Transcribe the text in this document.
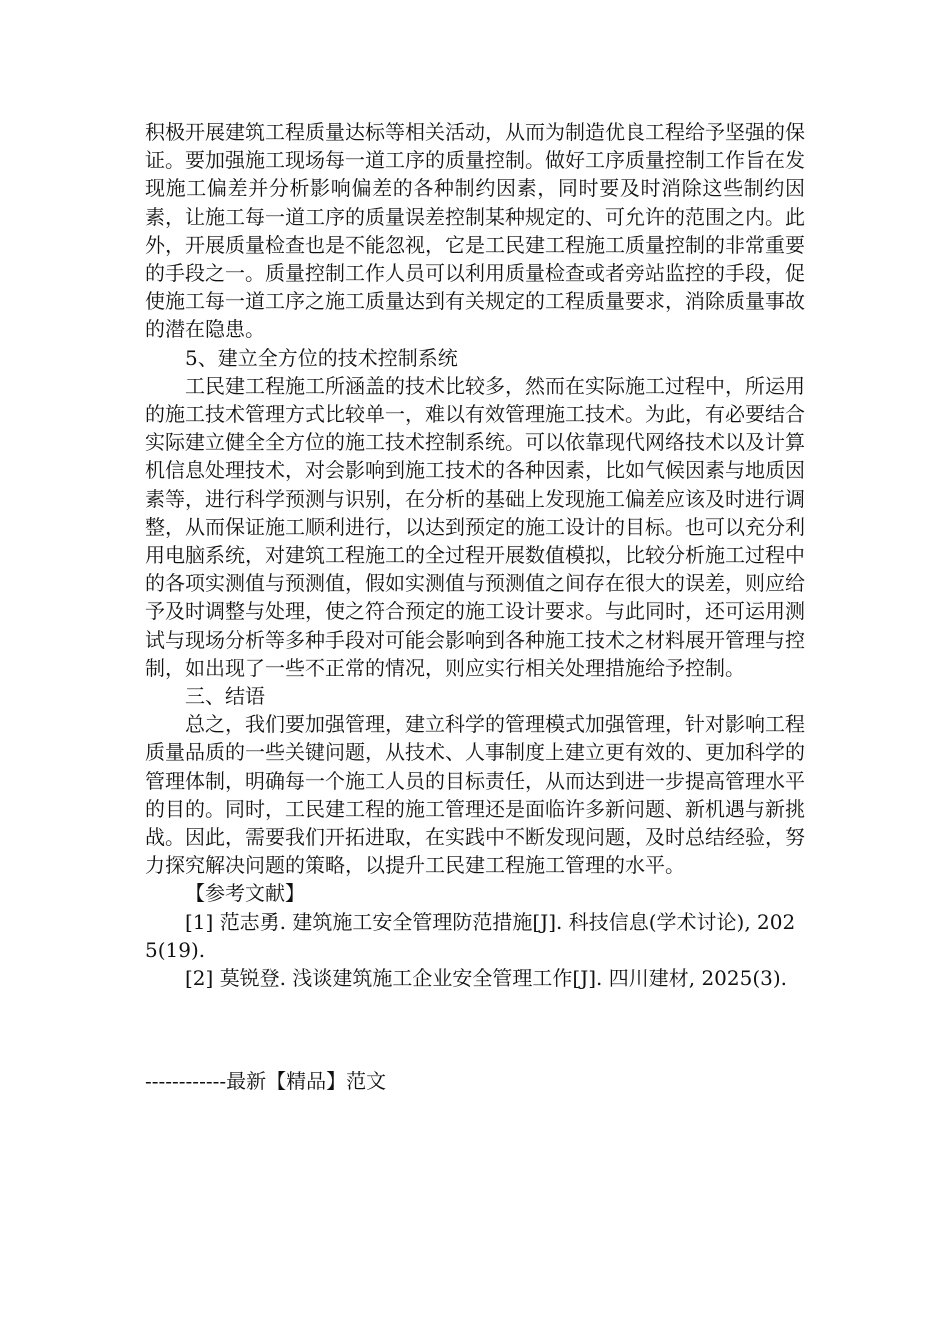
积极开展建筑工程质量达标等相关活动，从而为制造优良工程给予坚强的保证。要加强施工现场每一道工序的质量控制。做好工序质量控制工作旨在发现施工偏差并分析影响偏差的各种制约因素，同时要及时消除这些制约因素，让施工每一道工序的质量误差控制某种规定的、可允许的范围之内。此外，开展质量检查也是不能忽视，它是工民建工程施工质量控制的非常重要的手段之一。质量控制工作人员可以利用质量检查或者旁站监控的手段，促使施工每一道工序之施工质量达到有关规定的工程质量要求，消除质量事故的潜在隐患。

5、建立全方位的技术控制系统

工民建工程施工所涵盖的技术比较多，然而在实际施工过程中，所运用的施工技术管理方式比较单一，难以有效管理施工技术。为此，有必要结合实际建立健全全方位的施工技术控制系统。可以依靠现代网络技术以及计算机信息处理技术，对会影响到施工技术的各种因素，比如气候因素与地质因素等，进行科学预测与识别，在分析的基础上发现施工偏差应该及时进行调整，从而保证施工顺利进行，以达到预定的施工设计的目标。也可以充分利用电脑系统，对建筑工程施工的全过程开展数值模拟，比较分析施工过程中的各项实测值与预测值，假如实测值与预测值之间存在很大的误差，则应给予及时调整与处理，使之符合预定的施工设计要求。与此同时，还可运用测试与现场分析等多种手段对可能会影响到各种施工技术之材料展开管理与控制，如出现了一些不正常的情况，则应实行相关处理措施给予控制。

三、结语

总之，我们要加强管理，建立科学的管理模式加强管理，针对影响工程质量品质的一些关键问题，从技术、人事制度上建立更有效的、更加科学的管理体制，明确每一个施工人员的目标责任，从而达到进一步提高管理水平的目的。同时，工民建工程的施工管理还是面临许多新问题、新机遇与新挑战。因此，需要我们开拓进取，在实践中不断发现问题，及时总结经验，努力探究解决问题的策略，以提升工民建工程施工管理的水平。

【参考文献】

[1] 范志勇. 建筑施工安全管理防范措施[J]. 科技信息(学术讨论), 2025(19).

[2] 莫锐登. 浅谈建筑施工企业安全管理工作[J]. 四川建材, 2025(3).

------------最新【精品】范文
